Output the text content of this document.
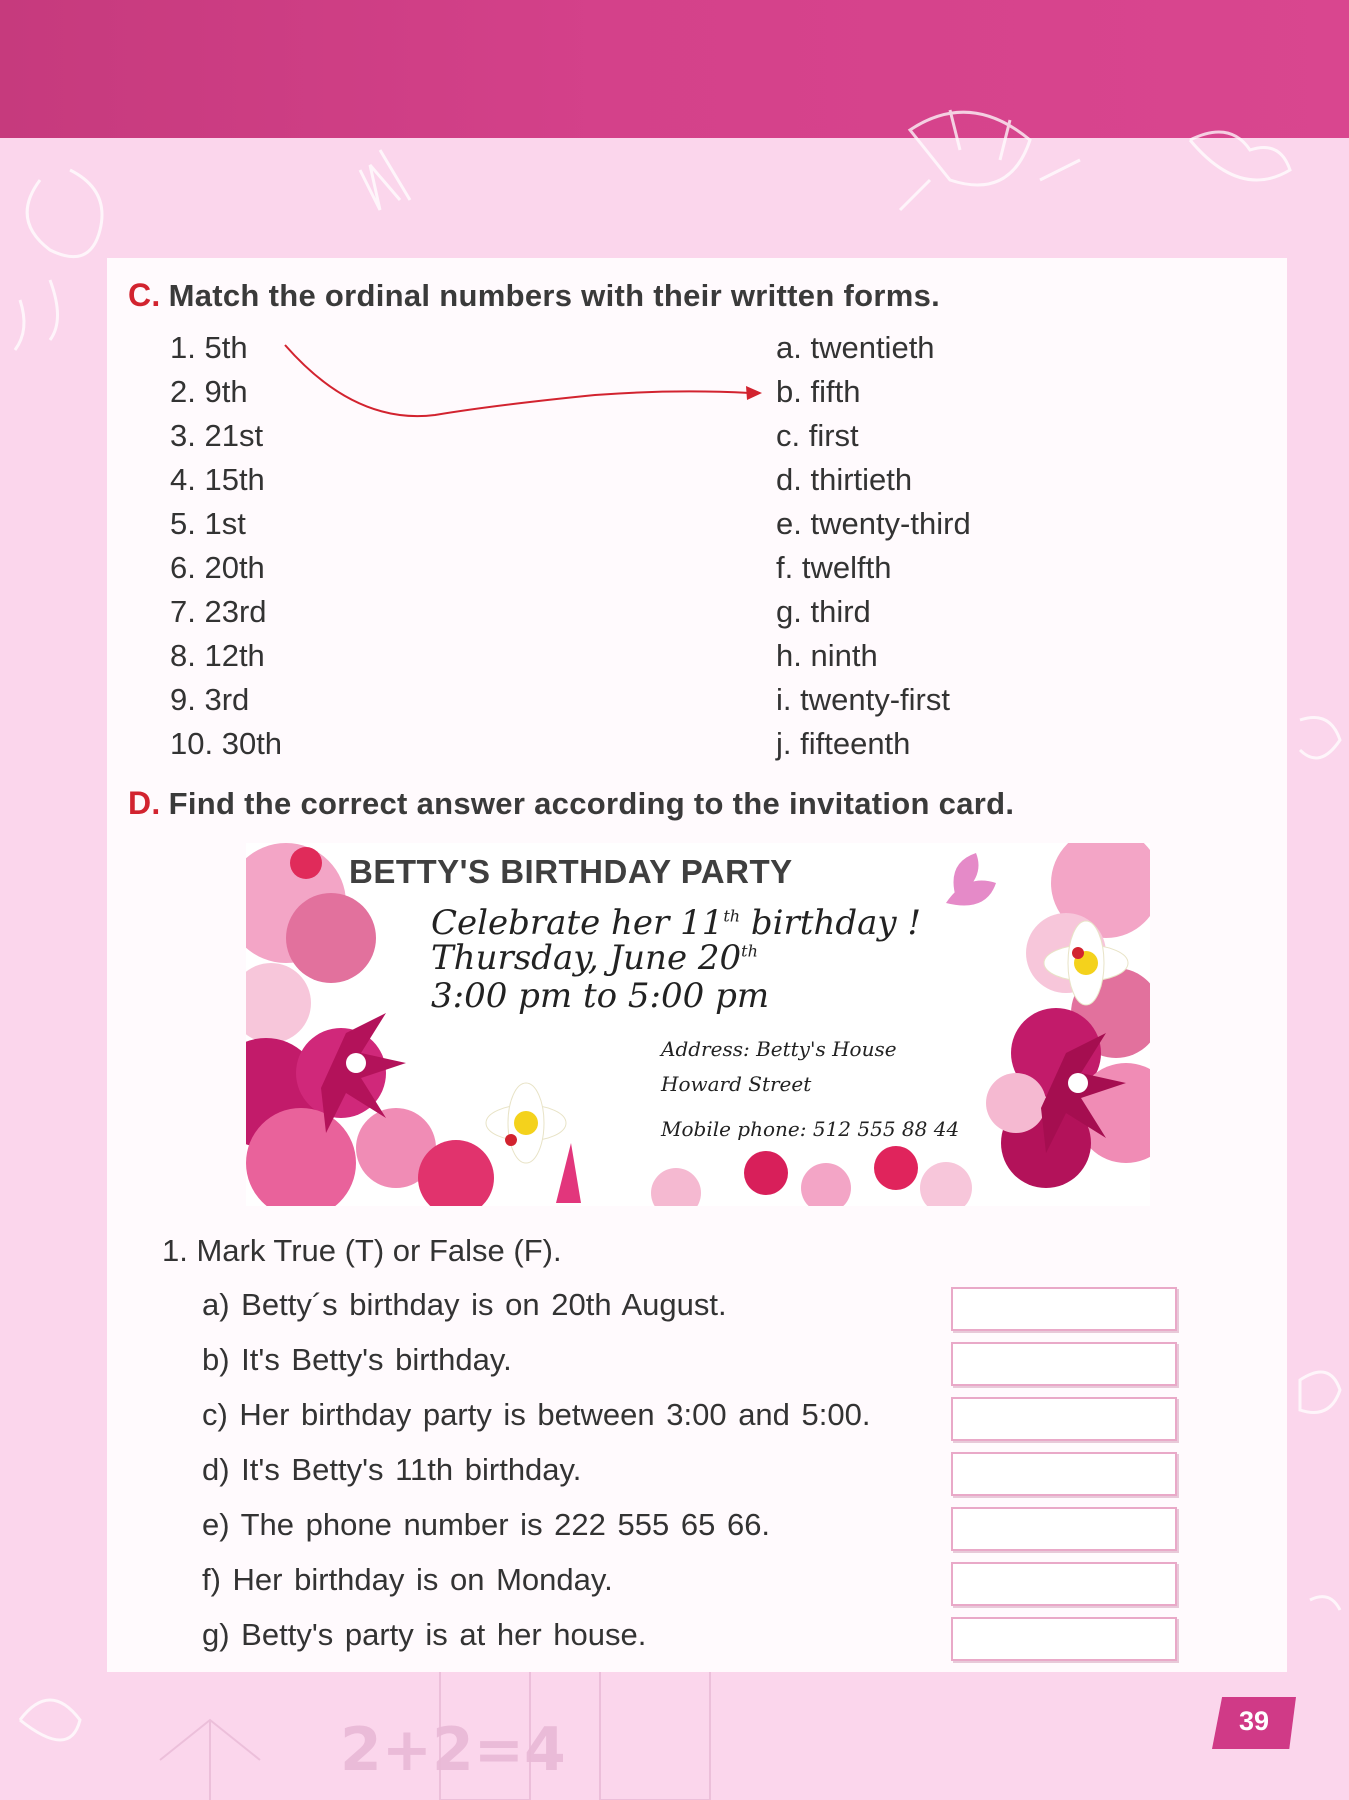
2+2=4
C. Match the ordinal numbers with their written forms.
1. 5th
2. 9th
3. 21st
4. 15th
5. 1st
6. 20th
7. 23rd
8. 12th
9. 3rd
10. 30th
a. twentieth
b. fifth
c. first
d. thirtieth
e. twenty-third
f. twelfth
g. third
h. ninth
i. twenty-first
j. fifteenth
D. Find the correct answer according to the invitation card.
BETTY'S BIRTHDAY PARTY
Celebrate her 11th birthday !
Thursday, June 20th
3:00 pm to 5:00 pm
Address: Betty's House
Howard Street
Mobile phone: 512 555 88 44
1. Mark True (T) or False (F).
a) Betty´s birthday is on 20th August.
b) It's Betty's birthday.
c) Her birthday party is between 3:00 and 5:00.
d) It's Betty's 11th birthday.
e) The phone number is 222 555 65 66.
f) Her birthday is on Monday.
g) Betty's party is at her house.
39
